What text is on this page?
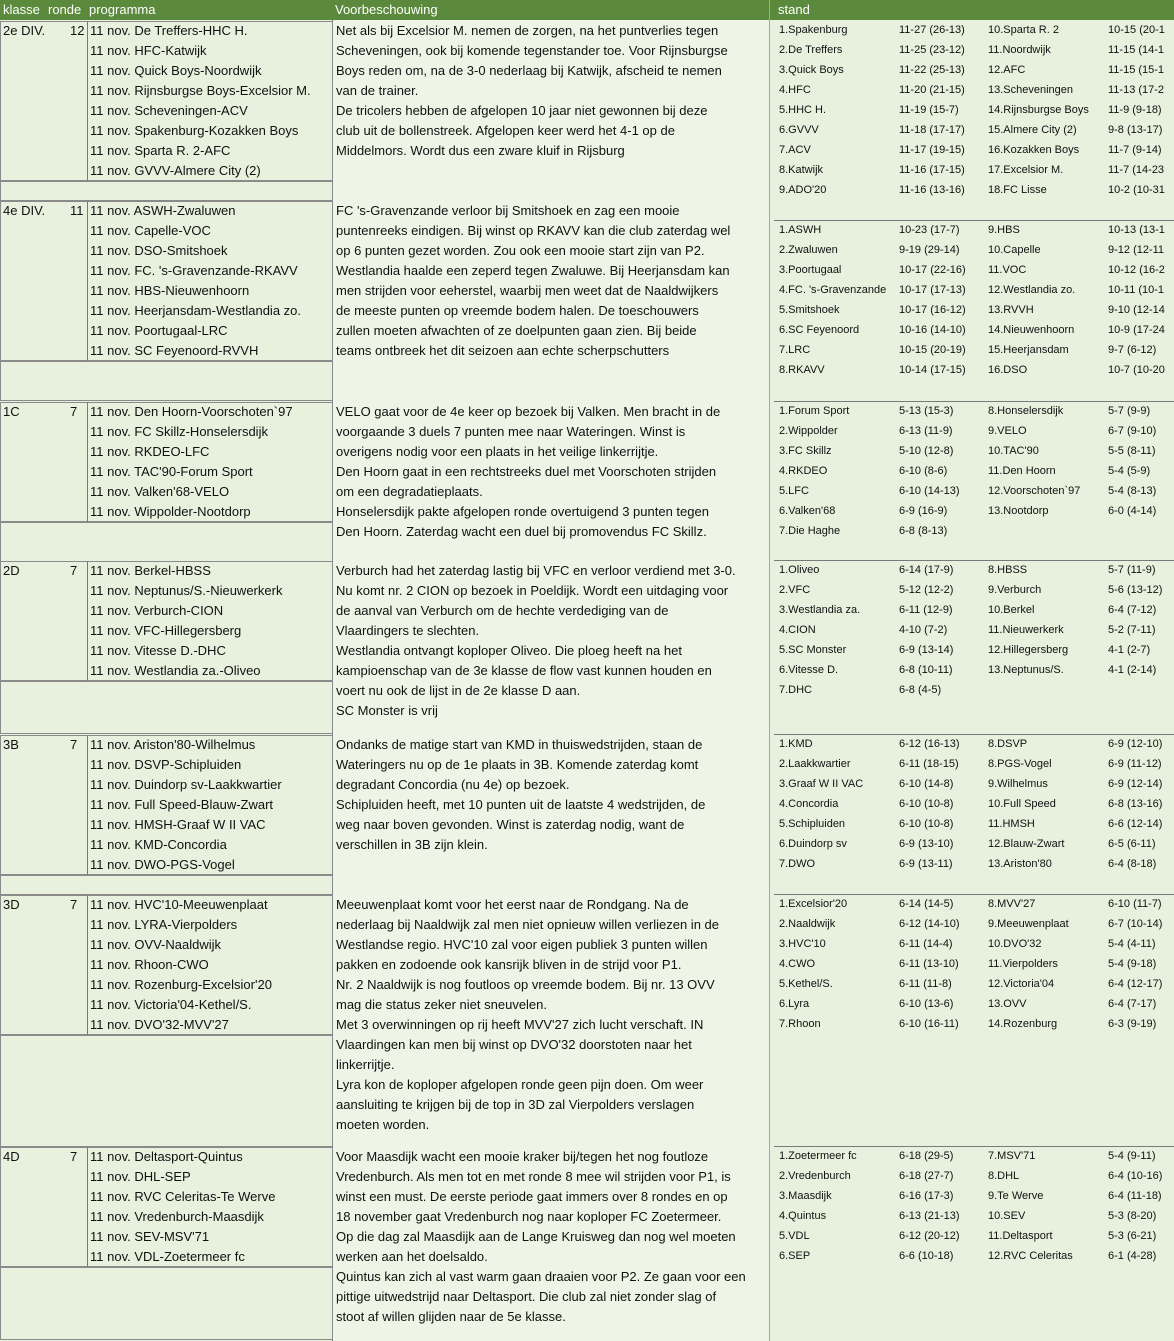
klasse ronde programma	Voorbeschouwing	stand
2e DIV. 12 11 nov. De Treffers-HHC H.
11 nov. HFC-Katwijk
11 nov. Quick Boys-Noordwijk
11 nov. Rijnsburgse Boys-Excelsior M.
11 nov. Scheveningen-ACV
11 nov. Spakenburg-Kozakken Boys
11 nov. Sparta R. 2-AFC
11 nov. GVVV-Almere City (2)
Net als bij Excelsior M. nemen de zorgen, na het puntverlies tegen
Scheveningen, ook bij komende tegenstander toe. Voor Rijnsburgse
Boys reden om, na de 3-0 nederlaag bij Katwijk, afscheid te nemen
van de trainer.
De tricolers hebben de afgelopen 10 jaar niet gewonnen bij deze
club uit de bollenstreek. Afgelopen keer werd het 4-1 op de
Middelmors. Wordt dus een zware kluif in Rijsburg
1.Spakenburg	11-27 (26-13)
2.De Treffers	11-25 (23-12)
3.Quick Boys	11-22 (25-13)
4.HFC	11-20 (21-15)
5.HHC H.	11-19 (15-7)
6.GVVV	11-18 (17-17)
7.ACV	11-17 (19-15)
8.Katwijk	11-16 (17-15)
9.ADO'20	11-16 (13-16)
10.Sparta R. 2	10-15 (20-1
11.Noordwijk	11-15 (14-1
12.AFC	11-15 (15-1
13.Scheveningen	11-13 (17-2
14.Rijnsburgse Boys 11-9 (9-18)
15.Almere City (2)	9-8 (13-17)
16.Kozakken Boys	11-7 (9-14)
17.Excelsior M.	11-7 (14-23
18.FC Lisse	10-2 (10-31
4e DIV. 11 11 nov. ASWH-Zwaluwen
11 nov. Capelle-VOC
11 nov. DSO-Smitshoek
11 nov. FC. 's-Gravenzande-RKAVV
11 nov. HBS-Nieuwenhoorn
11 nov. Heerjansdam-Westlandia zo.
11 nov. Poortugaal-LRC
11 nov. SC Feyenoord-RVVH
FC 's-Gravenzande verloor bij Smitshoek en zag een mooie
puntenreeks eindigen. Bij winst op RKAVV kan die club zaterdag wel
op 6 punten gezet worden. Zou ook een mooie start zijn van P2.
Westlandia haalde een zeperd tegen Zwaluwe. Bij Heerjansdam kan
men strijden voor eeherstel, waarbij men weet dat de Naaldwijkers
de meeste punten op vreemde bodem halen. De toeschouwers
zullen moeten afwachten of ze doelpunten gaan zien. Bij beide
teams ontbreek het dit seizoen aan echte scherpschutters
1.ASWH	10-23 (17-7)
2.Zwaluwen	9-19 (29-14)
3.Poortugaal	10-17 (22-16)
4.FC. 's-Gravenzande 10-17 (17-13)
5.Smitshoek	10-17 (16-12)
6.SC Feyenoord	10-16 (14-10)
7.LRC	10-15 (20-19)
8.RKAVV	10-14 (17-15)
9.HBS	10-13 (13-1
10.Capelle	9-12 (12-11
11.VOC	10-12 (16-2
12.Westlandia zo.	10-11 (10-1
13.RVVH	9-10 (12-14
14.Nieuwenhoorn	10-9 (17-24
15.Heerjansdam	9-7 (6-12)
16.DSO	10-7 (10-20
1C	7 11 nov. Den Hoorn-Voorschoten`97
11 nov. FC Skillz-Honselersdijk
11 nov. RKDEO-LFC
11 nov. TAC'90-Forum Sport
11 nov. Valken'68-VELO
11 nov. Wippolder-Nootdorp
VELO gaat voor de 4e keer op bezoek bij Valken. Men bracht in de
voorgaande 3 duels 7 punten mee naar Wateringen. Winst is
overigens nodig voor een plaats in het veilige linkerrijtje.
Den Hoorn gaat in een rechtstreeks duel met Voorschoten strijden
om een degradatieplaats.
Honselersdijk pakte afgelopen ronde overtuigend 3 punten tegen
Den Hoorn. Zaterdag wacht een duel bij promovendus FC Skillz.
1.Forum Sport	5-13 (15-3)
2.Wippolder	6-13 (11-9)
3.FC Skillz	5-10 (12-8)
4.RKDEO	6-10 (8-6)
5.LFC	6-10 (14-13)
6.Valken'68	6-9 (16-9)
7.Die Haghe	6-8 (8-13)
8.Honselersdijk	5-7 (9-9)
9.VELO	6-7 (9-10)
10.TAC'90	5-5 (8-11)
11.Den Hoorn	5-4 (5-9)
12.Voorschoten`97	5-4 (8-13)
13.Nootdorp	6-0 (4-14)
2D	7 11 nov. Berkel-HBSS
11 nov. Neptunus/S.-Nieuwerkerk
11 nov. Verburch-CION
11 nov. VFC-Hillegersberg
11 nov. Vitesse D.-DHC
11 nov. Westlandia za.-Oliveo
Verburch had het zaterdag lastig bij VFC en verloor verdiend met 3-0.
Nu komt nr. 2 CION op bezoek in Poeldijk. Wordt een uitdaging voor
de aanval van Verburch om de hechte verdediging van de
Vlaardingers te slechten.
Westlandia ontvangt koploper Oliveo. Die ploeg heeft na het
kampioenschap van de 3e klasse de flow vast kunnen houden en
voert nu ook de lijst in de 2e klasse D aan.
SC Monster is vrij
1.Oliveo	6-14 (17-9)
2.VFC	5-12 (12-2)
3.Westlandia za.	6-11 (12-9)
4.CION	4-10 (7-2)
5.SC Monster	6-9 (13-14)
6.Vitesse D.	6-8 (10-11)
7.DHC	6-8 (4-5)
8.HBSS	5-7 (11-9)
9.Verburch	5-6 (13-12)
10.Berkel	6-4 (7-12)
11.Nieuwerkerk	5-2 (7-11)
12.Hillegersberg	4-1 (2-7)
13.Neptunus/S.	4-1 (2-14)
3B	7 11 nov. Ariston'80-Wilhelmus
11 nov. DSVP-Schipluiden
11 nov. Duindorp sv-Laakkwartier
11 nov. Full Speed-Blauw-Zwart
11 nov. HMSH-Graaf W II VAC
11 nov. KMD-Concordia
11 nov. DWO-PGS-Vogel
Ondanks de matige start van KMD in thuiswedstrijden, staan de
Wateringers nu op de 1e plaats in 3B. Komende zaterdag komt
degradant Concordia (nu 4e) op bezoek.
Schipluiden heeft, met 10 punten uit de laatste 4 wedstrijden, de
weg naar boven gevonden. Winst is zaterdag nodig, want de
verschillen in 3B zijn klein.
1.KMD	6-12 (16-13)
2.Laakkwartier	6-11 (18-15)
3.Graaf W II VAC	6-10 (14-8)
4.Concordia	6-10 (10-8)
5.Schipluiden	6-10 (10-8)
6.Duindorp sv	6-9 (13-10)
7.DWO	6-9 (13-11)
8.DSVP	6-9 (12-10)
8.PGS-Vogel	6-9 (11-12)
9.Wilhelmus	6-9 (12-14)
10.Full Speed	6-8 (13-16)
11.HMSH	6-6 (12-14)
12.Blauw-Zwart	6-5 (6-11)
13.Ariston'80	6-4 (8-18)
3D	7 11 nov. HVC'10-Meeuwenplaat
11 nov. LYRA-Vierpolders
11 nov. OVV-Naaldwijk
11 nov. Rhoon-CWO
11 nov. Rozenburg-Excelsior'20
11 nov. Victoria'04-Kethel/S.
11 nov. DVO'32-MVV'27
Meeuwenplaat komt voor het eerst naar de Rondgang. Na de
nederlaag bij Naaldwijk zal men niet opnieuw willen verliezen in de
Westlandse regio. HVC'10 zal voor eigen publiek 3 punten willen
pakken en zodoende ook kansrijk bliven in de strijd voor P1.
Nr. 2 Naaldwijk is nog foutloos op vreemde bodem. Bij nr. 13 OVV
mag die status zeker niet sneuvelen.
Met 3 overwinningen op rij heeft MVV'27 zich lucht verschaft. IN
Vlaardingen kan men bij winst op DVO'32 doorstoten naar het
linkerrijtje.
Lyra kon de koploper afgelopen ronde geen pijn doen. Om weer
aansluiting te krijgen bij de top in 3D zal Vierpolders verslagen
moeten worden.
1.Excelsior'20	6-14 (14-5)
2.Naaldwijk	6-12 (14-10)
3.HVC'10	6-11 (14-4)
4.CWO	6-11 (13-10)
5.Kethel/S.	6-11 (11-8)
6.Lyra	6-10 (13-6)
7.Rhoon	6-10 (16-11)
8.MVV'27	6-10 (11-7)
9.Meeuwenplaat	6-7 (10-14)
10.DVO'32	5-4 (4-11)
11.Vierpolders	5-4 (9-18)
12.Victoria'04	6-4 (12-17)
13.OVV	6-4 (7-17)
14.Rozenburg	6-3 (9-19)
4D	7 11 nov. Deltasport-Quintus
11 nov. DHL-SEP
11 nov. RVC Celeritas-Te Werve
11 nov. Vredenburch-Maasdijk
11 nov. SEV-MSV'71
11 nov. VDL-Zoetermeer fc
Voor Maasdijk wacht een mooie kraker bij/tegen het nog foutloze
Vredenburch. Als men tot en met ronde 8 mee wil strijden voor P1, is
winst een must. De eerste periode gaat immers over 8 rondes en op
18 november gaat Vredenburch nog naar koploper FC Zoetermeer.
Op die dag zal Maasdijk aan de Lange Kruisweg dan nog wel moeten
werken aan het doelsaldo.
Quintus kan zich al vast warm gaan draaien voor P2. Ze gaan voor een
pittige uitwedstrijd naar Deltasport. Die club zal niet zonder slag of
stoot af willen glijden naar de 5e klasse.
1.Zoetermeer fc	6-18 (29-5)
2.Vredenburch	6-18 (27-7)
3.Maasdijk	6-16 (17-3)
4.Quintus	6-13 (21-13)
5.VDL	6-12 (20-12)
6.SEP	6-6 (10-18)
7.MSV'71	5-4 (9-11)
8.DHL	6-4 (10-16)
9.Te Werve	6-4 (11-18)
10.SEV	5-3 (8-20)
11.Deltasport	5-3 (6-21)
12.RVC Celeritas	6-1 (4-28)
